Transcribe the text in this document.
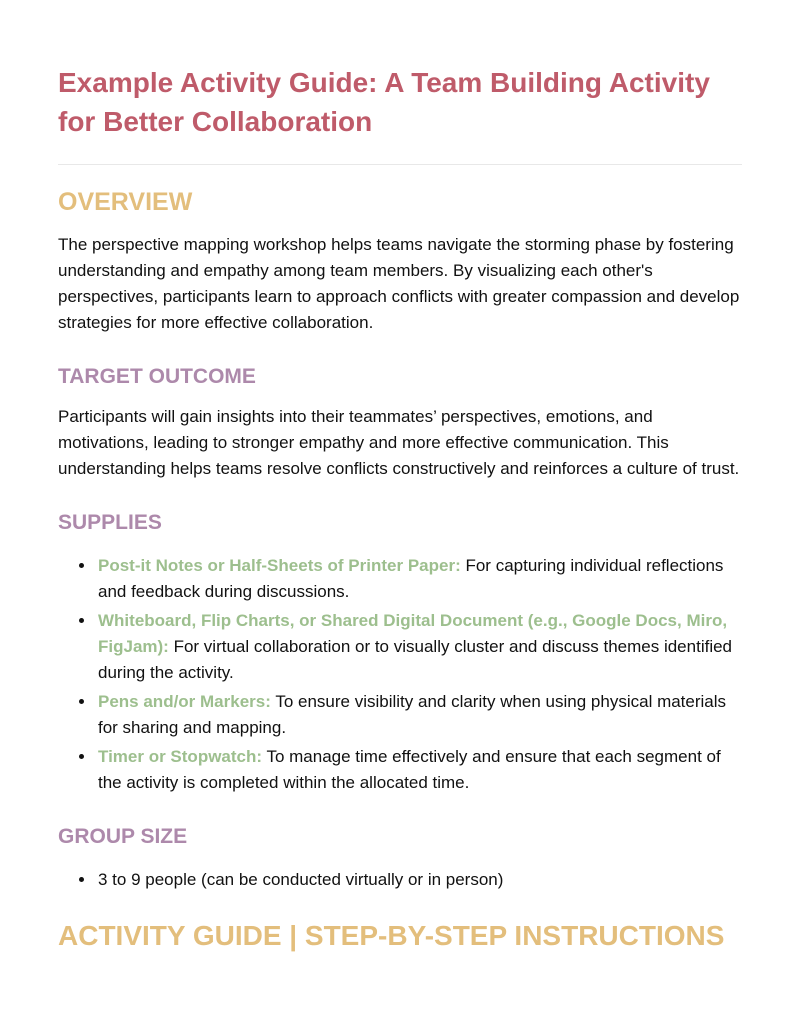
Example Activity Guide: A Team Building Activity for Better Collaboration
OVERVIEW

The perspective mapping workshop helps teams navigate the storming phase by fostering understanding and empathy among team members. By visualizing each other's perspectives, participants learn to approach conflicts with greater compassion and develop strategies for more effective collaboration.

TARGET OUTCOME

Participants will gain insights into their teammates’ perspectives, emotions, and motivations, leading to stronger empathy and more effective communication. This understanding helps teams resolve conflicts constructively and reinforces a culture of trust.

SUPPLIES
• Post-it Notes or Half-Sheets of Printer Paper: For capturing individual reflections and feedback during discussions.
• Whiteboard, Flip Charts, or Shared Digital Document (e.g., Google Docs, Miro, FigJam): For virtual collaboration or to visually cluster and discuss themes identified during the activity.
• Pens and/or Markers: To ensure visibility and clarity when using physical materials for sharing and mapping.
• Timer or Stopwatch: To manage time effectively and ensure that each segment of the activity is completed within the allocated time.
GROUP SIZE
• 3 to 9 people (can be conducted virtually or in person)
ACTIVITY GUIDE | STEP-BY-STEP INSTRUCTIONS
